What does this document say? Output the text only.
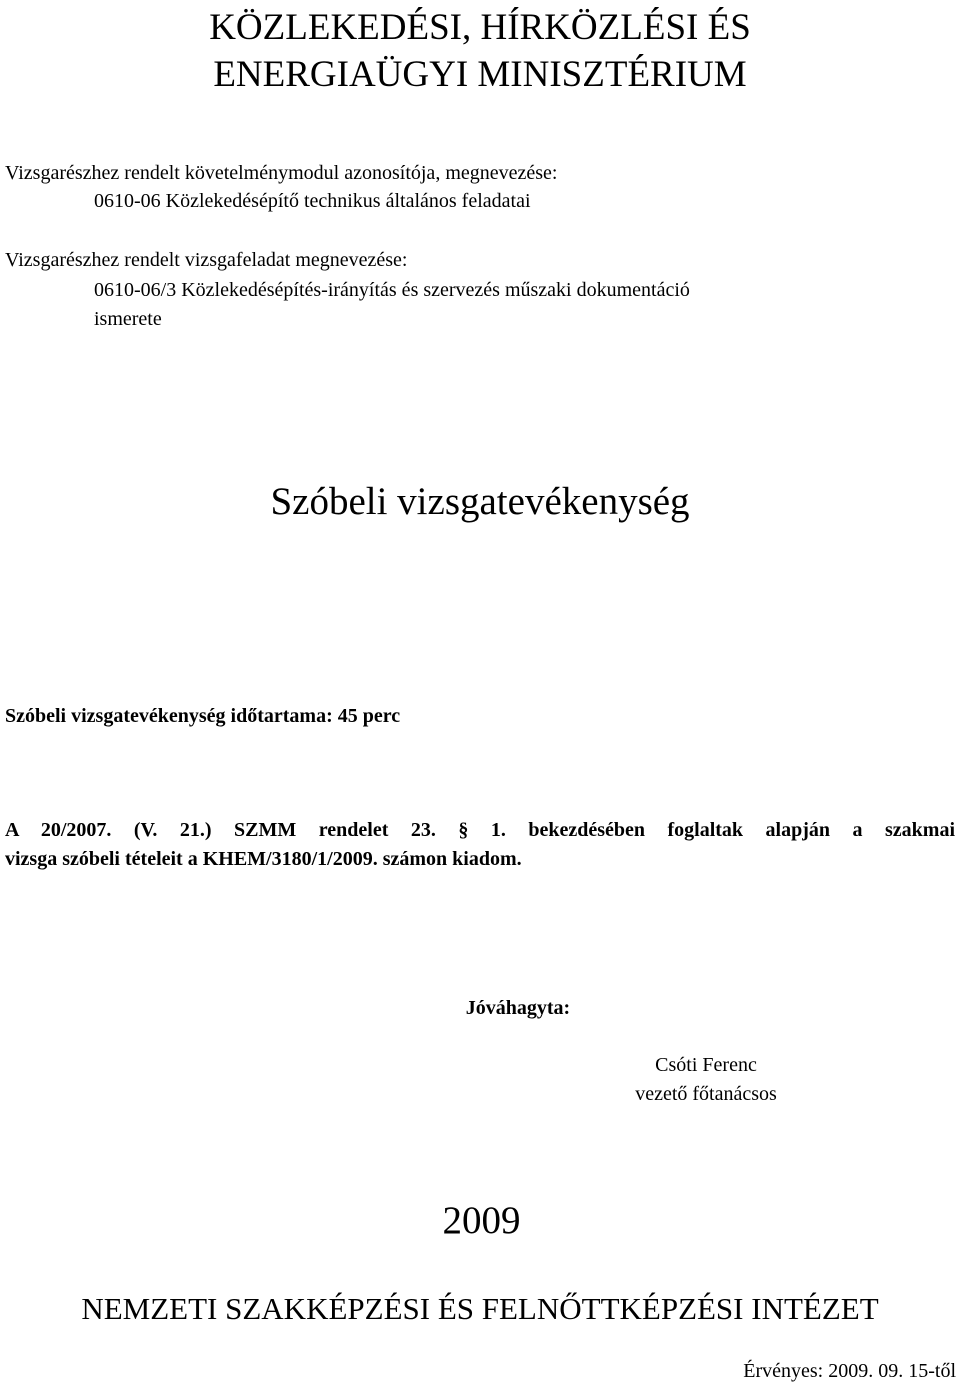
KÖZLEKEDÉSI, HÍRKÖZLÉSI ÉS
ENERGIAÜGYI MINISZTÉRIUM
Vizsgarészhez rendelt követelménymodul azonosítója, megnevezése:
0610-06 Közlekedésépítő technikus általános feladatai
Vizsgarészhez rendelt vizsgafeladat megnevezése:
0610-06/3 Közlekedésépítés-irányítás és szervezés műszaki dokumentáció
ismerete
Szóbeli vizsgatevékenység
Szóbeli vizsgatevékenység időtartama: 45 perc
A 20/2007. (V. 21.) SZMM rendelet 23. § 1. bekezdésében foglaltak alapján a szakmai
vizsga szóbeli tételeit a KHEM/3180/1/2009. számon kiadom.
Jóváhagyta:
Csóti Ferenc
vezető főtanácsos
2009
NEMZETI SZAKKÉPZÉSI ÉS FELNŐTTKÉPZÉSI INTÉZET
Érvényes: 2009. 09. 15-től
